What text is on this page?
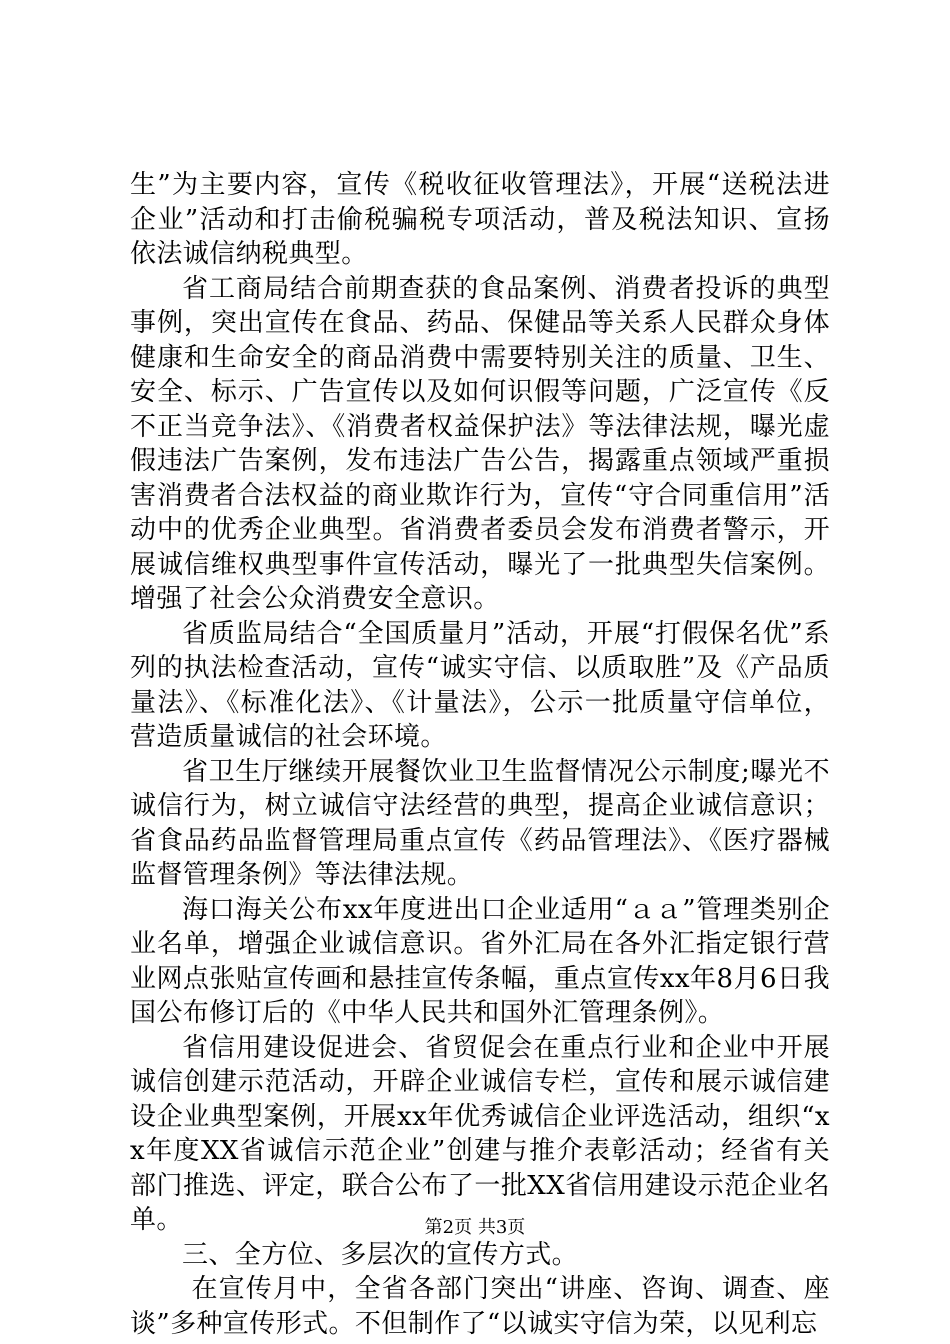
生”为主要内容，宣传《税收征收管理法》，开展“送税法进企业”活动和打击偷税骗税专项活动，普及税法知识、宣扬依法诚信纳税典型。

省工商局结合前期查获的食品案例、消费者投诉的典型事例，突出宣传在食品、药品、保健品等关系人民群众身体健康和生命安全的商品消费中需要特别关注的质量、卫生、安全、标示、广告宣传以及如何识假等问题，广泛宣传《反不正当竞争法》、《消费者权益保护法》等法律法规，曝光虚假违法广告案例，发布违法广告公告，揭露重点领域严重损害消费者合法权益的商业欺诈行为，宣传“守合同重信用”活动中的优秀企业典型。省消费者委员会发布消费者警示，开展诚信维权典型事件宣传活动，曝光了一批典型失信案例。增强了社会公众消费安全意识。

省质监局结合“全国质量月”活动，开展“打假保名优”系列的执法检查活动，宣传“诚实守信、以质取胜”及《产品质量法》、《标准化法》、《计量法》，公示一批质量守信单位，营造质量诚信的社会环境。

省卫生厅继续开展餐饮业卫生监督情况公示制度;曝光不诚信行为，树立诚信守法经营的典型，提高企业诚信意识；省食品药品监督管理局重点宣传《药品管理法》、《医疗器械监督管理条例》等法律法规。

海口海关公布xx年度进出口企业适用“ａａ”管理类别企业名单，增强企业诚信意识。省外汇局在各外汇指定银行营业网点张贴宣传画和悬挂宣传条幅，重点宣传xx年8月6日我国公布修订后的《中华人民共和国外汇管理条例》。

省信用建设促进会、省贸促会在重点行业和企业中开展诚信创建示范活动，开辟企业诚信专栏，宣传和展示诚信建设企业典型案例，开展xx年优秀诚信企业评选活动，组织“xx年度XX省诚信示范企业”创建与推介表彰活动；经省有关部门推选、评定，联合公布了一批XX省信用建设示范企业名单。

三、全方位、多层次的宣传方式。

在宣传月中，全省各部门突出“讲座、咨询、调查、座谈”多种宣传形式。不但制作了“以诚实守信为荣，以见利忘

第2页 共3页
